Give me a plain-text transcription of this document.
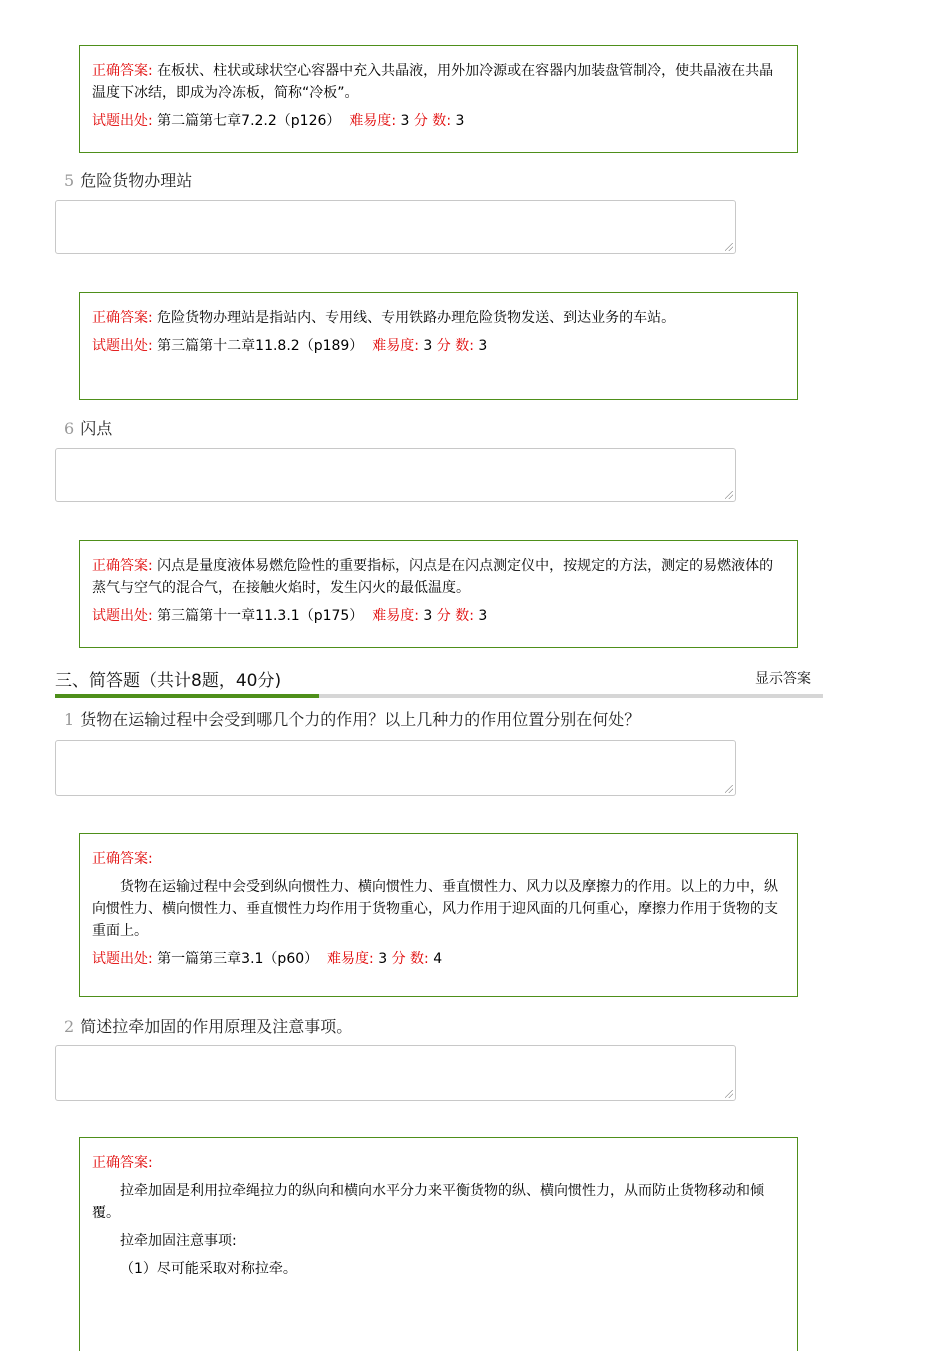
正确答案: 在板状、柱状或球状空心容器中充入共晶液，用外加冷源或在容器内加装盘管制冷，使共晶液在共晶温度下冰结，即成为冷冻板，简称“冷板”。
试题出处: 第二篇第七章7.2.2（p126） 难易度: 3 分 数: 3
5 危险货物办理站
正确答案: 危险货物办理站是指站内、专用线、专用铁路办理危险货物发送、到达业务的车站。
试题出处: 第三篇第十二章11.8.2（p189） 难易度: 3 分 数: 3
6 闪点
正确答案: 闪点是量度液体易燃危险性的重要指标，闪点是在闪点测定仪中，按规定的方法，测定的易燃液体的蒸气与空气的混合气，在接触火焰时，发生闪火的最低温度。
试题出处: 第三篇第十一章11.3.1（p175） 难易度: 3 分 数: 3
三、简答题（共计8题，40分)	显示答案
1 货物在运输过程中会受到哪几个力的作用？以上几种力的作用位置分别在何处？
正确答案:
货物在运输过程中会受到纵向惯性力、横向惯性力、垂直惯性力、风力以及摩擦力的作用。以上的力中，纵向惯性力、横向惯性力、垂直惯性力均作用于货物重心，风力作用于迎风面的几何重心，摩擦力作用于货物的支重面上。
试题出处: 第一篇第三章3.1（p60） 难易度: 3 分 数: 4
2 简述拉牵加固的作用原理及注意事项。
正确答案:
拉牵加固是利用拉牵绳拉力的纵向和横向水平分力来平衡货物的纵、横向惯性力，从而防止货物移动和倾覆。
拉牵加固注意事项:
（1）尽可能采取对称拉牵。
